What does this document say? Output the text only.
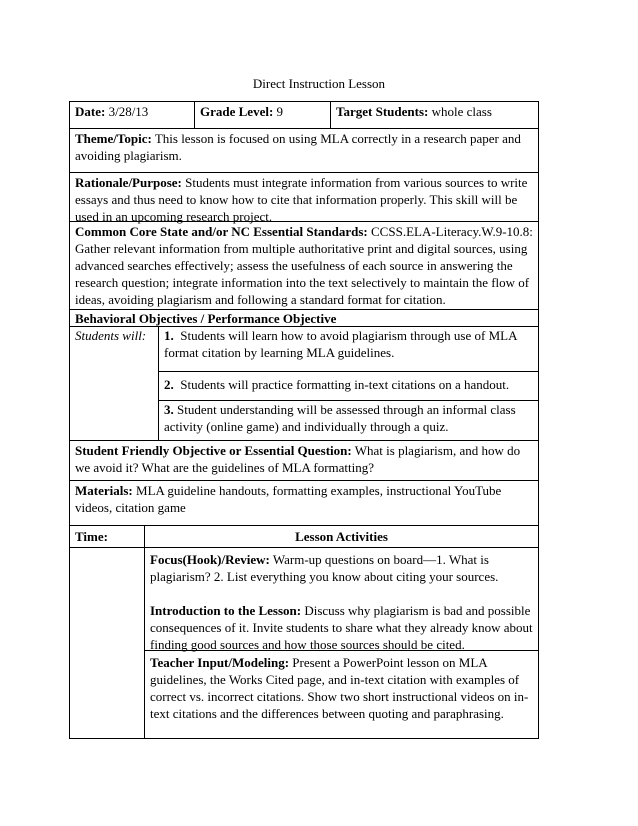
Direct Instruction Lesson
Date: 3/28/13	Grade Level: 9	Target Students: whole class
Theme/Topic: This lesson is focused on using MLA correctly in a research paper and avoiding plagiarism.
Rationale/Purpose: Students must integrate information from various sources to write essays and thus need to know how to cite that information properly. This skill will be used in an upcoming research project.
Common Core State and/or NC Essential Standards: CCSS.ELA-Literacy.W.9-10.8: Gather relevant information from multiple authoritative print and digital sources, using advanced searches effectively; assess the usefulness of each source in answering the research question; integrate information into the text selectively to maintain the flow of ideas, avoiding plagiarism and following a standard format for citation.
Behavioral Objectives / Performance Objective
Students will:	1. Students will learn how to avoid plagiarism through use of MLA format citation by learning MLA guidelines.
2. Students will practice formatting in-text citations on a handout.
3. Student understanding will be assessed through an informal class activity (online game) and individually through a quiz.
Student Friendly Objective or Essential Question: What is plagiarism, and how do we avoid it? What are the guidelines of MLA formatting?
Materials: MLA guideline handouts, formatting examples, instructional YouTube videos, citation game
Time:	Lesson Activities
Focus(Hook)/Review: Warm-up questions on board—1. What is plagiarism? 2. List everything you know about citing your sources.
Introduction to the Lesson: Discuss why plagiarism is bad and possible consequences of it. Invite students to share what they already know about finding good sources and how those sources should be cited.
Teacher Input/Modeling: Present a PowerPoint lesson on MLA guidelines, the Works Cited page, and in-text citation with examples of correct vs. incorrect citations. Show two short instructional videos on in-text citations and the differences between quoting and paraphrasing.
